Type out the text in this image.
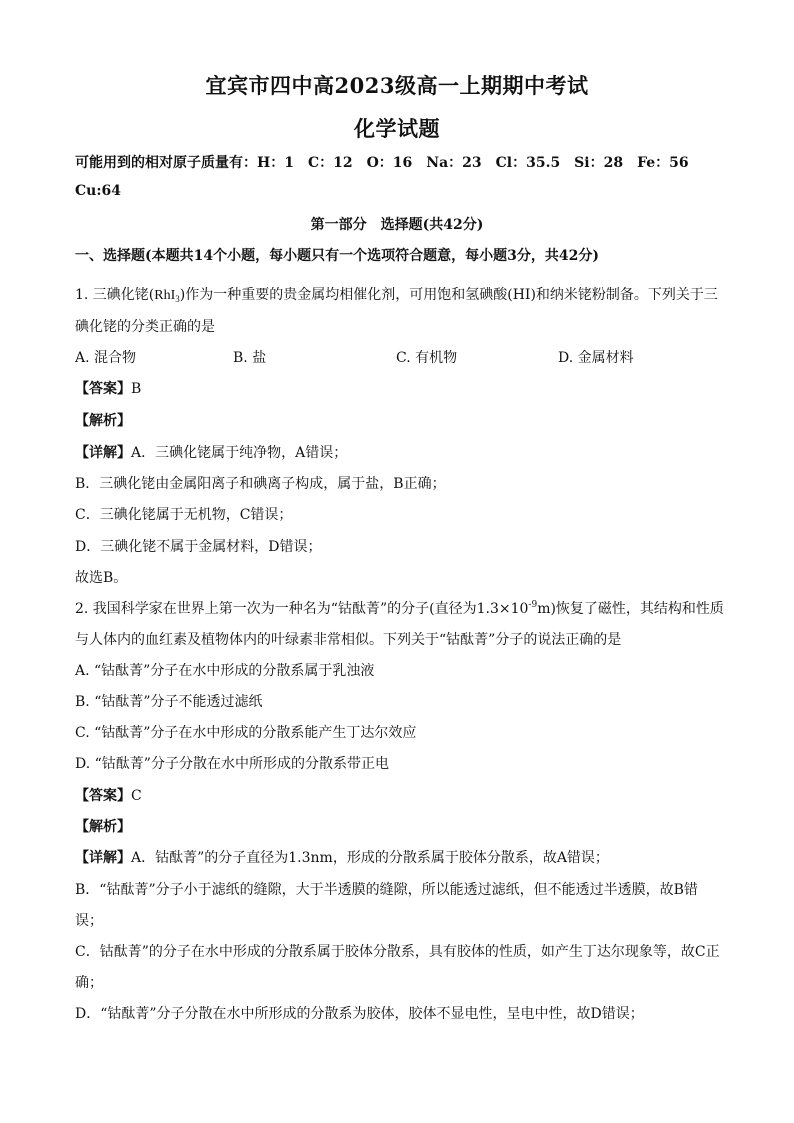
宜宾市四中高2023级高一上期期中考试
化学试题
可能用到的相对原子质量有：H：1　C：12　O：16　Na：23　Cl：35.5　Si：28　Fe：56
Cu:64
第一部分　选择题(共42分)
一、选择题(本题共14个小题，每小题只有一个选项符合题意，每小题3分，共42分)
1. 三碘化铑(RhI$_3$)作为一种重要的贵金属均相催化剂，可用饱和氢碘酸(HI)和纳米铑粉制备。下列关于三
碘化铑的分类正确的是
A. 混合物	B. 盐	C. 有机物	D. 金属材料
【答案】B
【解析】
【详解】A．三碘化铑属于纯净物，A错误；
B．三碘化铑由金属阳离子和碘离子构成，属于盐，B正确；
C．三碘化铑属于无机物，C错误；
D．三碘化铑不属于金属材料，D错误；
故选B。
2. 我国科学家在世界上第一次为一种名为“钴酞菁”的分子(直径为$1.3\times 10^{-9}m$)恢复了磁性，其结构和性质
与人体内的血红素及植物体内的叶绿素非常相似。下列关于“钴酞菁”分子的说法正确的是
A. “钴酞菁”分子在水中形成的分散系属于乳浊液
B. “钴酞菁”分子不能透过滤纸
C. “钴酞菁”分子在水中形成的分散系能产生丁达尔效应
D. “钴酞菁”分子分散在水中所形成的分散系带正电
【答案】C
【解析】
【详解】A．钴酞菁”的分子直径为1.3nm，形成的分散系属于胶体分散系，故A错误；
B．“钴酞菁”分子小于滤纸的缝隙，大于半透膜的缝隙，所以能透过滤纸，但不能透过半透膜，故B错
误；
C．钴酞菁”的分子在水中形成的分散系属于胶体分散系，具有胶体的性质，如产生丁达尔现象等，故C正
确；
D．“钴酞菁”分子分散在水中所形成的分散系为胶体，胶体不显电性，呈电中性，故D错误；
